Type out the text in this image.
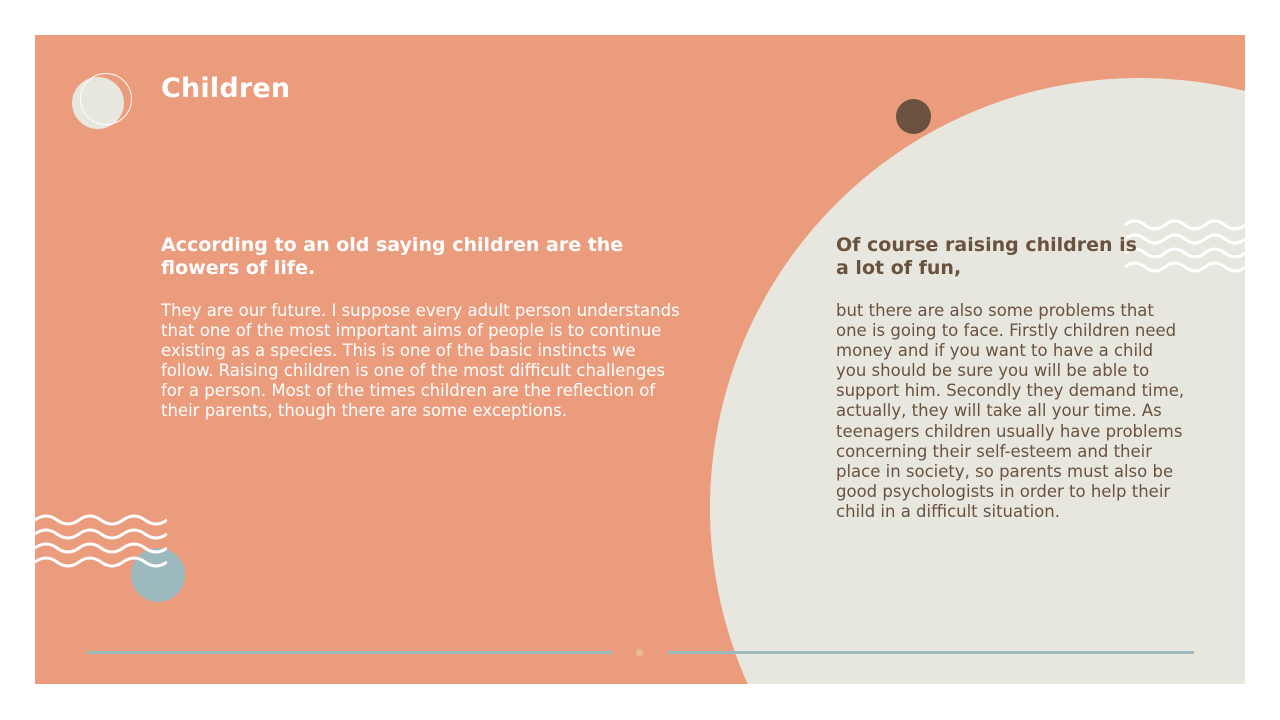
Children
According to an old saying children are the flowers of life.

They are our future. I suppose every adult person understands that one of the most important aims of people is to continue existing as a species. This is one of the basic instincts we follow. Raising children is one of the most difficult challenges for a person. Most of the times children are the reflection of their parents, though there are some exceptions.

Of course raising children is a lot of fun,

but there are also some problems that one is going to face. Firstly children need money and if you want to have a child you should be sure you will be able to support him. Secondly they demand time, actually, they will take all your time. As teenagers children usually have problems concerning their self-esteem and their place in society, so parents must also be good psychologists in order to help their child in a difficult situation.
